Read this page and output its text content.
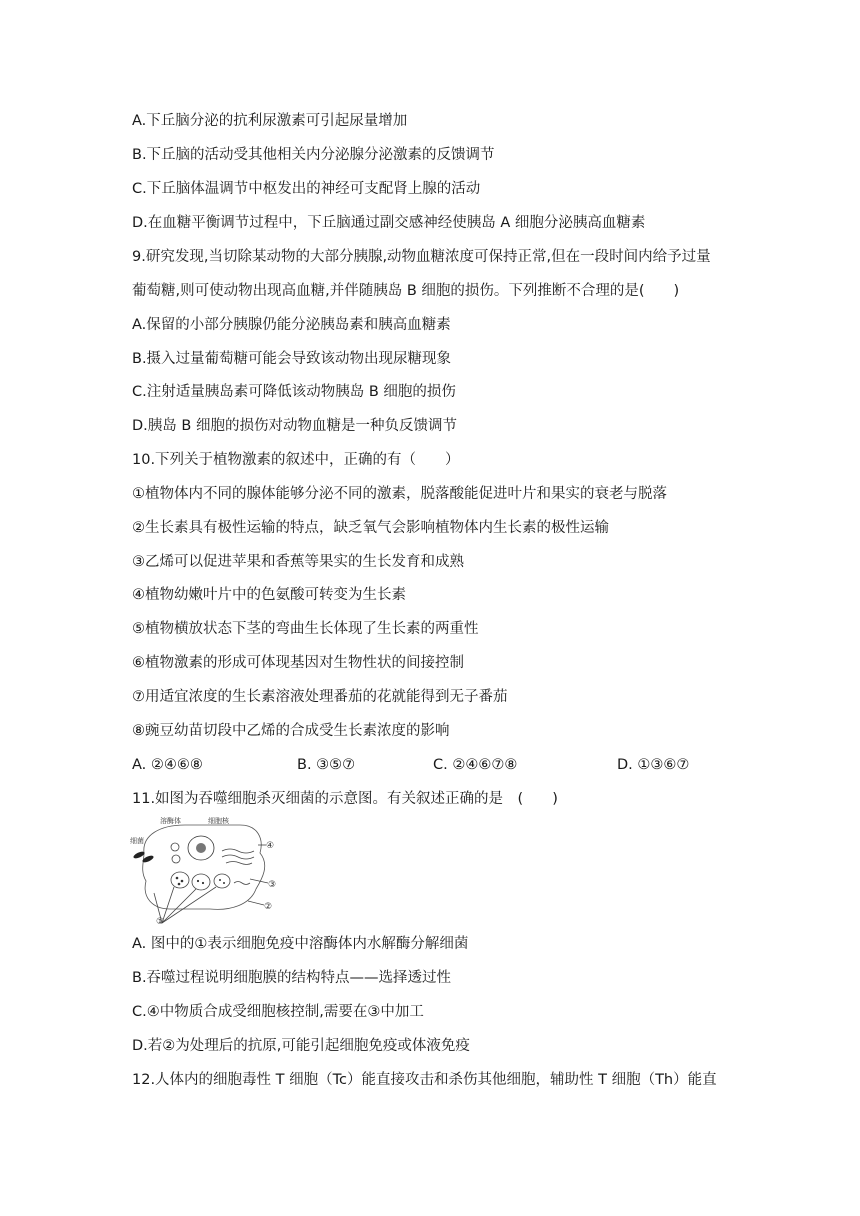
A.下丘脑分泌的抗利尿激素可引起尿量增加
B.下丘脑的活动受其他相关内分泌腺分泌激素的反馈调节
C.下丘脑体温调节中枢发出的神经可支配肾上腺的活动
D.在血糖平衡调节过程中，下丘脑通过副交感神经使胰岛 A 细胞分泌胰高血糖素
9.研究发现,当切除某动物的大部分胰腺,动物血糖浓度可保持正常,但在一段时间内给予过量
葡萄糖,则可使动物出现高血糖,并伴随胰岛 B 细胞的损伤。下列推断不合理的是(　　)
A.保留的小部分胰腺仍能分泌胰岛素和胰高血糖素
B.摄入过量葡萄糖可能会导致该动物出现尿糖现象
C.注射适量胰岛素可降低该动物胰岛 B 细胞的损伤
D.胰岛 B 细胞的损伤对动物血糖是一种负反馈调节
10.下列关于植物激素的叙述中，正确的有（　　）
①植物体内不同的腺体能够分泌不同的激素，脱落酸能促进叶片和果实的衰老与脱落
②生长素具有极性运输的特点，缺乏氧气会影响植物体内生长素的极性运输
③乙烯可以促进苹果和香蕉等果实的生长发育和成熟
④植物幼嫩叶片中的色氨酸可转变为生长素
⑤植物横放状态下茎的弯曲生长体现了生长素的两重性
⑥植物激素的形成可体现基因对生物性状的间接控制
⑦用适宜浓度的生长素溶液处理番茄的花就能得到无子番茄
⑧豌豆幼苗切段中乙烯的合成受生长素浓度的影响
A. ②④⑥⑧	B. ③⑤⑦	C. ②④⑥⑦⑧	D. ①③⑥⑦
11.如图为吞噬细胞杀灭细菌的示意图。有关叙述正确的是　(　　)
细菌
溶酶体	细胞核
④
③
②
①
A. 图中的①表示细胞免疫中溶酶体内水解酶分解细菌
B.吞噬过程说明细胞膜的结构特点——选择透过性
C.④中物质合成受细胞核控制,需要在③中加工
D.若②为处理后的抗原,可能引起细胞免疫或体液免疫
12.人体内的细胞毒性 T 细胞（Tc）能直接攻击和杀伤其他细胞，辅助性 T 细胞（Th）能直
